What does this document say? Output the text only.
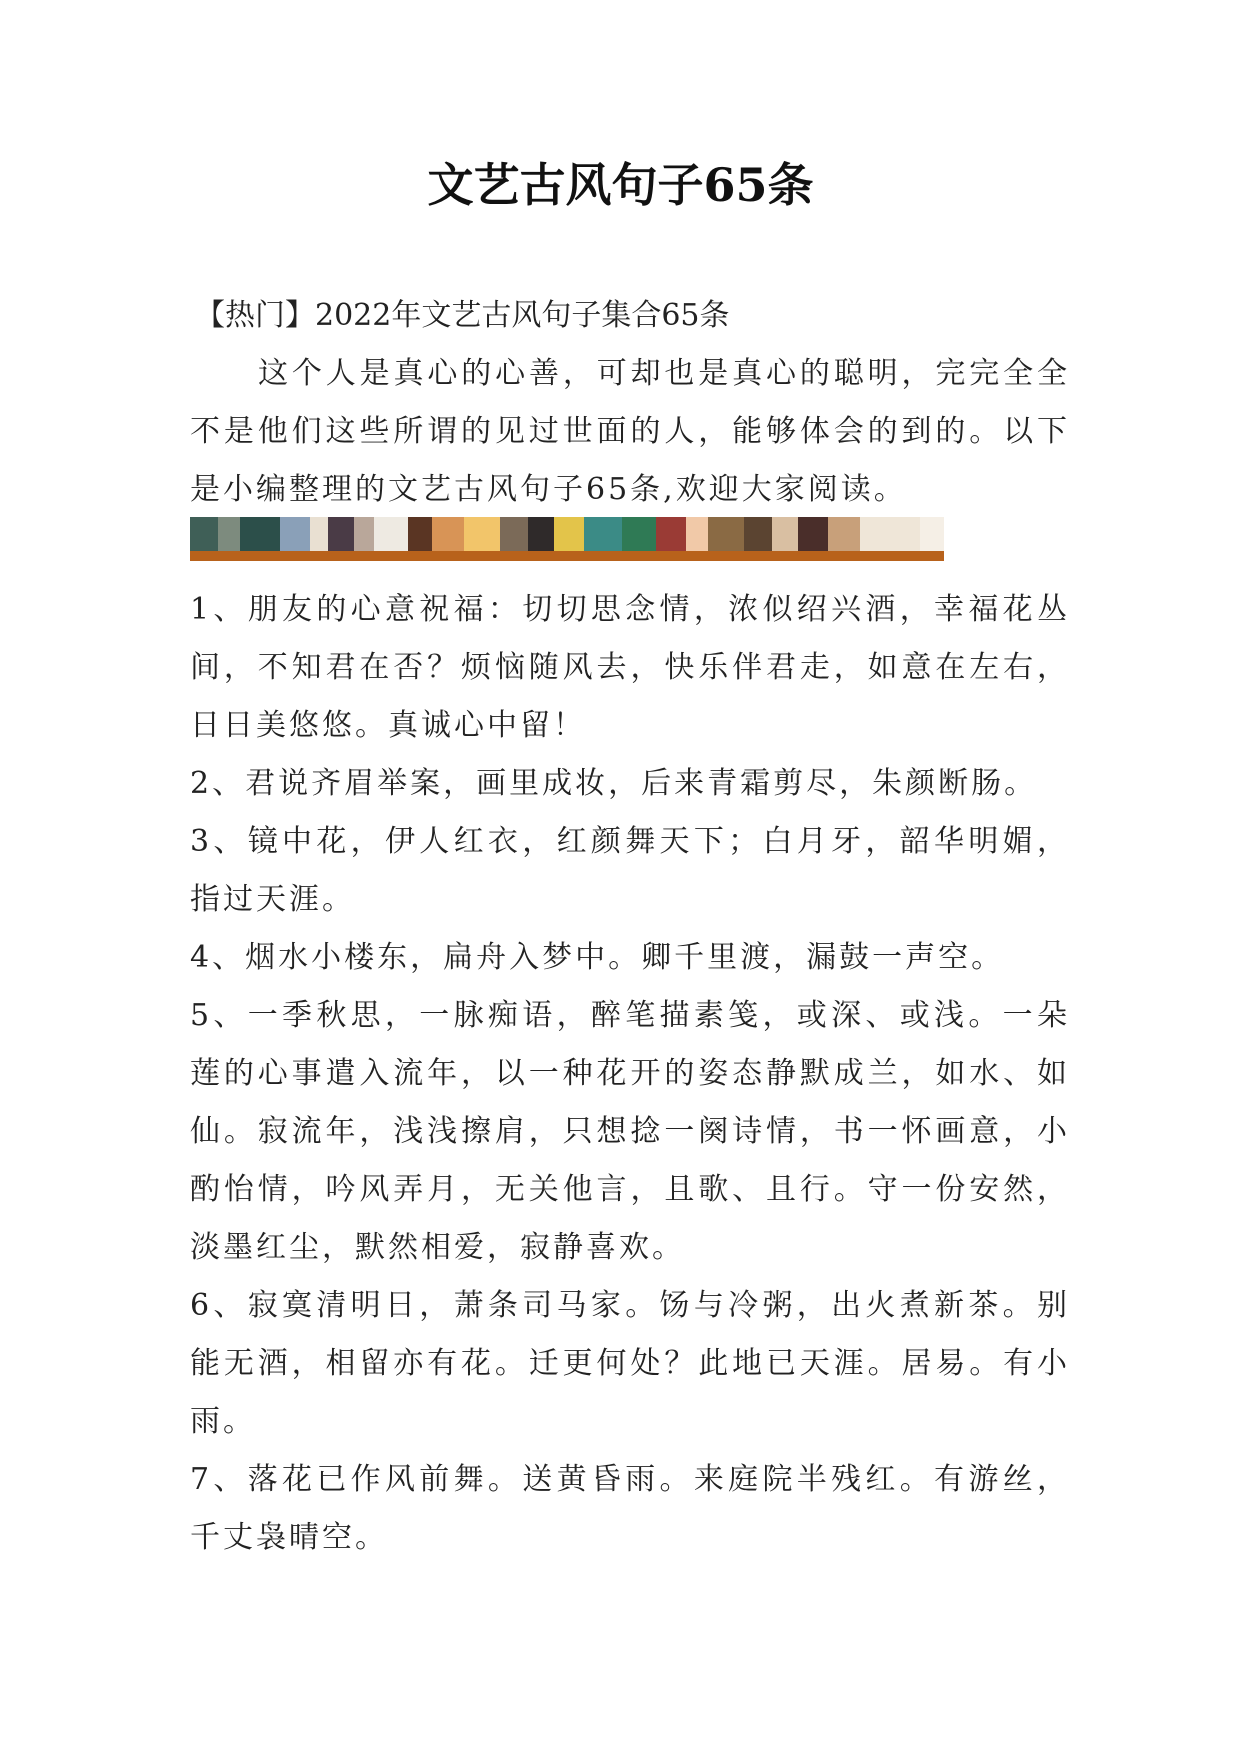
文艺古风句子65条
【热门】2022年文艺古风句子集合65条

这个人是真心的心善，可却也是真心的聪明，完完全全不是他们这些所谓的见过世面的人，能够体会的到的。以下是小编整理的文艺古风句子65条,欢迎大家阅读。

1、朋友的心意祝福：切切思念情，浓似绍兴酒，幸福花丛间，不知君在否？烦恼随风去，快乐伴君走，如意在左右，日日美悠悠。真诚心中留！

2、君说齐眉举案，画里成妆，后来青霜剪尽，朱颜断肠。

3、镜中花，伊人红衣，红颜舞天下；白月牙，韶华明媚，指过天涯。

4、烟水小楼东，扁舟入梦中。卿千里渡，漏鼓一声空。

5、一季秋思，一脉痴语，醉笔描素笺，或深、或浅。一朵莲的心事遣入流年，以一种花开的姿态静默成兰，如水、如仙。寂流年，浅浅擦肩，只想捻一阕诗情，书一怀画意，小酌怡情，吟风弄月，无关他言，且歌、且行。守一份安然，淡墨红尘，默然相爱，寂静喜欢。

6、寂寞清明日，萧条司马家。饧与冷粥，出火煮新茶。别能无酒，相留亦有花。迁更何处？此地已天涯。居易。有小雨。

7、落花已作风前舞。送黄昏雨。来庭院半残红。有游丝，千丈袅晴空。
